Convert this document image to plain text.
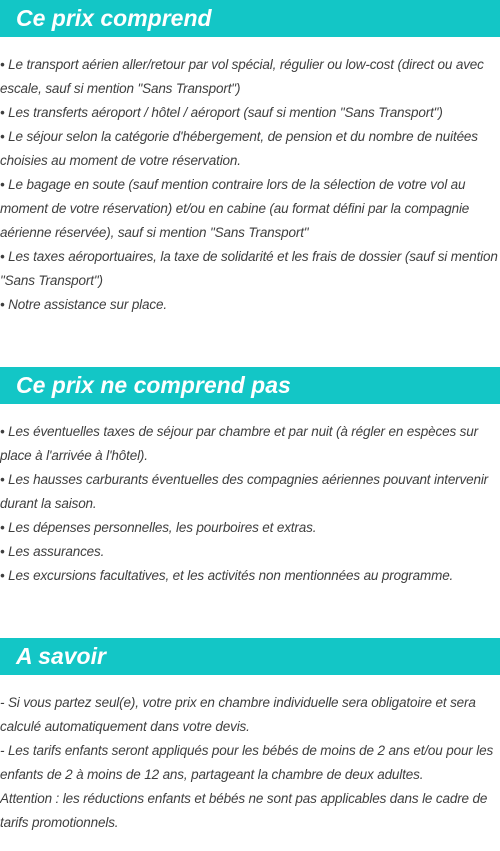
Ce prix comprend

• Le transport aérien aller/retour par vol spécial, régulier ou low-cost (direct ou avec escale, sauf si mention "Sans Transport")

• Les transferts aéroport / hôtel / aéroport (sauf si mention "Sans Transport")

• Le séjour selon la catégorie d'hébergement, de pension et du nombre de nuitées choisies au moment de votre réservation.

• Le bagage en soute (sauf mention contraire lors de la sélection de votre vol au moment de votre réservation) et/ou en cabine (au format défini par la compagnie aérienne réservée), sauf si mention "Sans Transport"

• Les taxes aéroportuaires, la taxe de solidarité et les frais de dossier (sauf si mention "Sans Transport")

• Notre assistance sur place.

Ce prix ne comprend pas

• Les éventuelles taxes de séjour par chambre et par nuit (à régler en espèces sur place à l'arrivée à l'hôtel).

• Les hausses carburants éventuelles des compagnies aériennes pouvant intervenir durant la saison.

• Les dépenses personnelles, les pourboires et extras.

• Les assurances.

• Les excursions facultatives, et les activités non mentionnées au programme.

A savoir

- Si vous partez seul(e), votre prix en chambre individuelle sera obligatoire et sera calculé automatiquement dans votre devis.

- Les tarifs enfants seront appliqués pour les bébés de moins de 2 ans et/ou pour les enfants de 2 à moins de 12 ans, partageant la chambre de deux adultes.

Attention : les réductions enfants et bébés ne sont pas applicables dans le cadre de tarifs promotionnels.
